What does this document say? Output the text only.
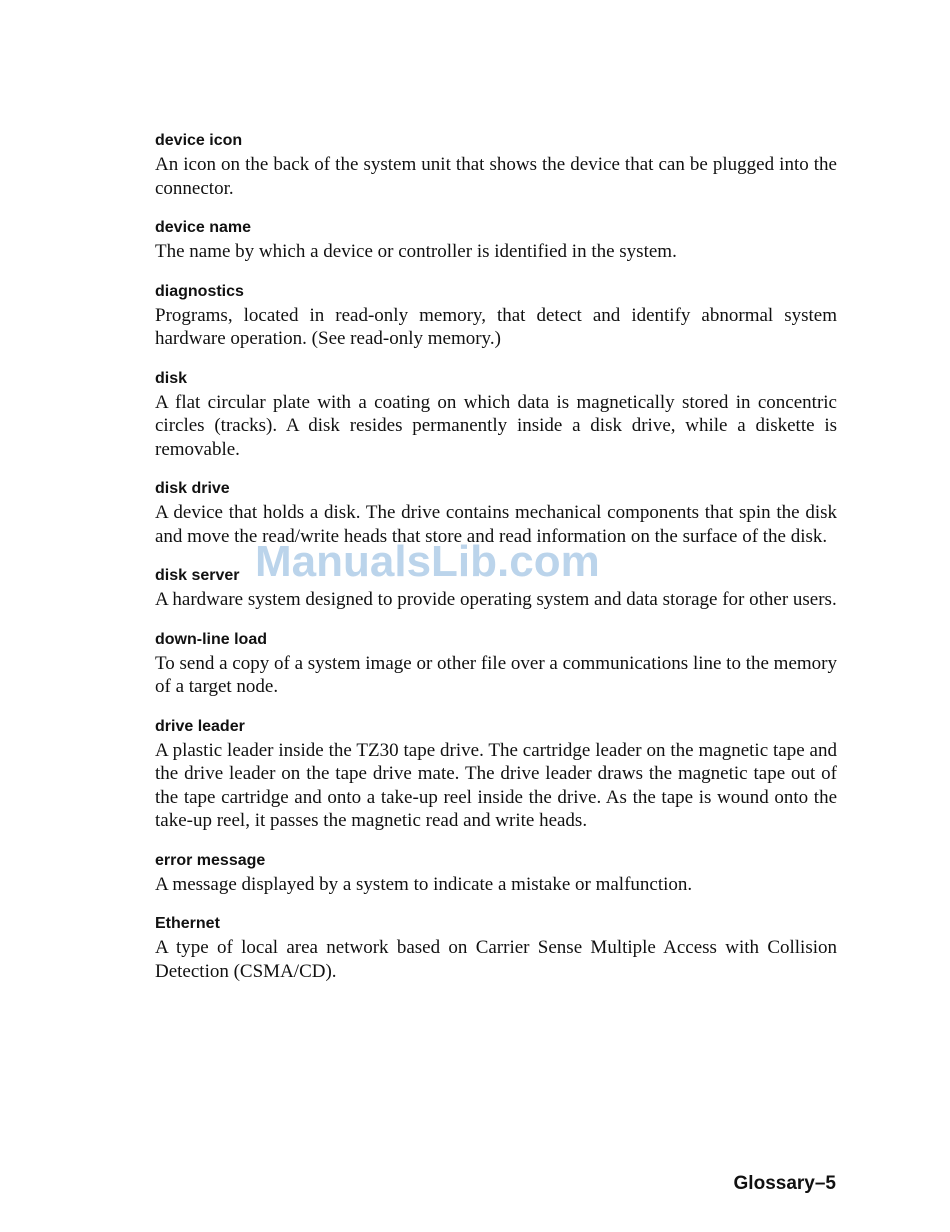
device icon

An icon on the back of the system unit that shows the device that can be plugged into the connector.

device name

The name by which a device or controller is identified in the system.

diagnostics

Programs, located in read-only memory, that detect and identify abnormal system hardware operation. (See read-only memory.)

disk

A flat circular plate with a coating on which data is magnetically stored in concentric circles (tracks). A disk resides permanently inside a disk drive, while a diskette is removable.

disk drive

A device that holds a disk. The drive contains mechanical components that spin the disk and move the read/write heads that store and read information on the surface of the disk.

disk server

A hardware system designed to provide operating system and data storage for other users.

down-line load

To send a copy of a system image or other file over a communications line to the memory of a target node.

drive leader

A plastic leader inside the TZ30 tape drive. The cartridge leader on the magnetic tape and the drive leader on the tape drive mate. The drive leader draws the magnetic tape out of the tape cartridge and onto a take-up reel inside the drive. As the tape is wound onto the take-up reel, it passes the magnetic read and write heads.

error message

A message displayed by a system to indicate a mistake or malfunction.

Ethernet

A type of local area network based on Carrier Sense Multiple Access with Collision Detection (CSMA/CD).

ManualsLib.com
Glossary–5
